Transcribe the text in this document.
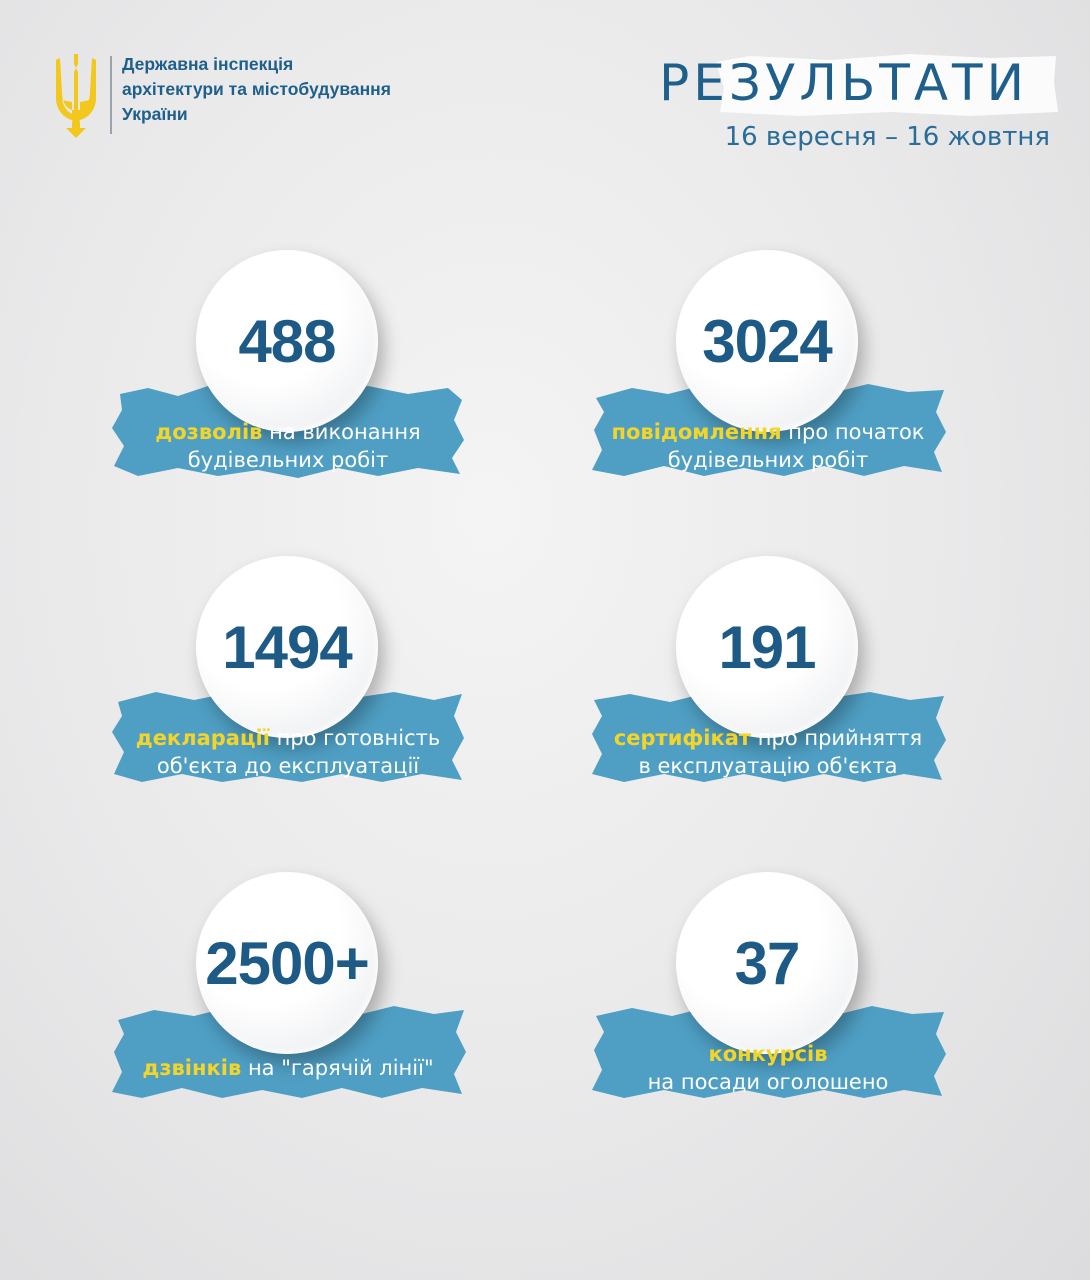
Державна інспекція
архітектури та містобудування
України
РЕЗУЛЬТАТИ
16 вересня – 16 жовтня
488
дозволів на виконання
будівельних робіт
3024
повідомлення про початок
будівельних робіт
1494
декларації про готовність
об'єкта до експлуатації
191
сертифікат про прийняття
в експлуатацію об'єкта
2500+
дзвінків на "гарячій лінії"
37
конкурсів
на посади оголошено
